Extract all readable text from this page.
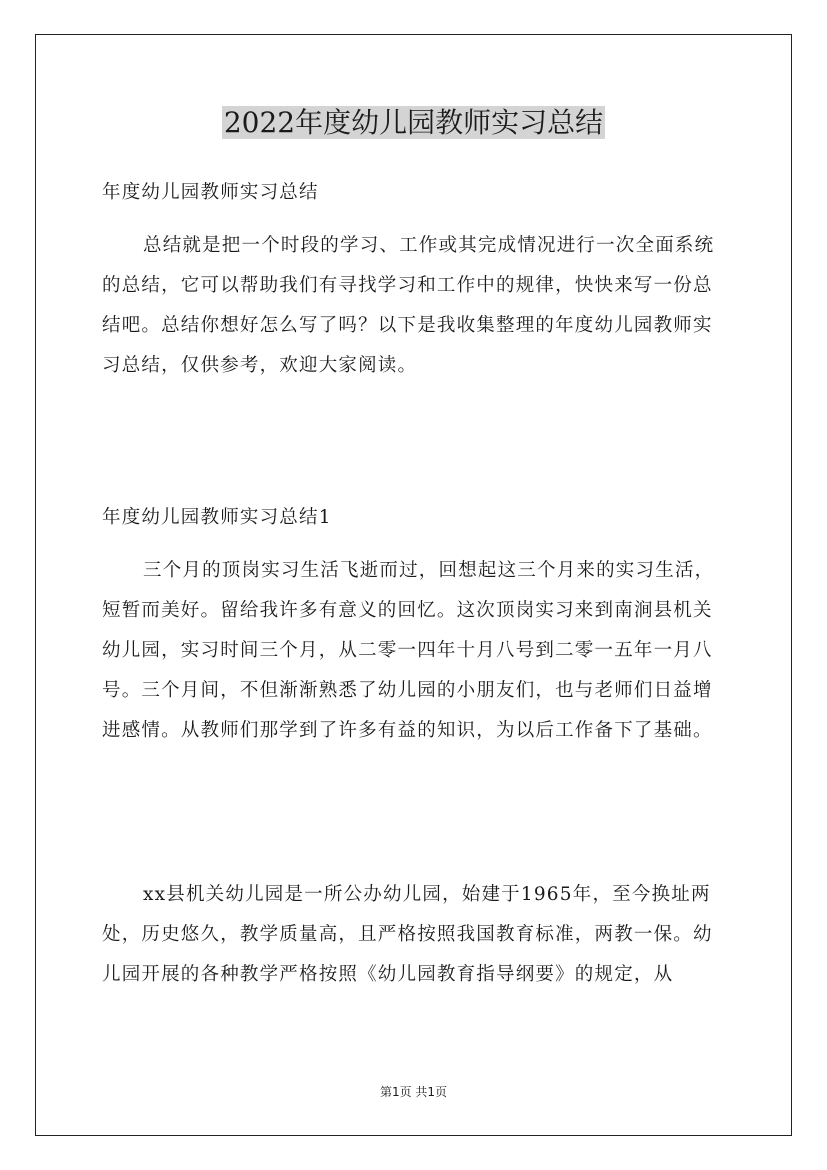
2022年度幼儿园教师实习总结

年度幼儿园教师实习总结

总结就是把一个时段的学习、工作或其完成情况进行一次全面系统的总结，它可以帮助我们有寻找学习和工作中的规律，快快来写一份总结吧。总结你想好怎么写了吗？以下是我收集整理的年度幼儿园教师实习总结，仅供参考，欢迎大家阅读。

年度幼儿园教师实习总结1

三个月的顶岗实习生活飞逝而过，回想起这三个月来的实习生活，短暂而美好。留给我许多有意义的回忆。这次顶岗实习来到南涧县机关幼儿园，实习时间三个月，从二零一四年十月八号到二零一五年一月八号。三个月间，不但渐渐熟悉了幼儿园的小朋友们，也与老师们日益增进感情。从教师们那学到了许多有益的知识，为以后工作备下了基础。

xx县机关幼儿园是一所公办幼儿园，始建于1965年，至今换址两处，历史悠久，教学质量高，且严格按照我国教育标准，两教一保。幼儿园开展的各种教学严格按照《幼儿园教育指导纲要》的规定，从

第1页 共1页
